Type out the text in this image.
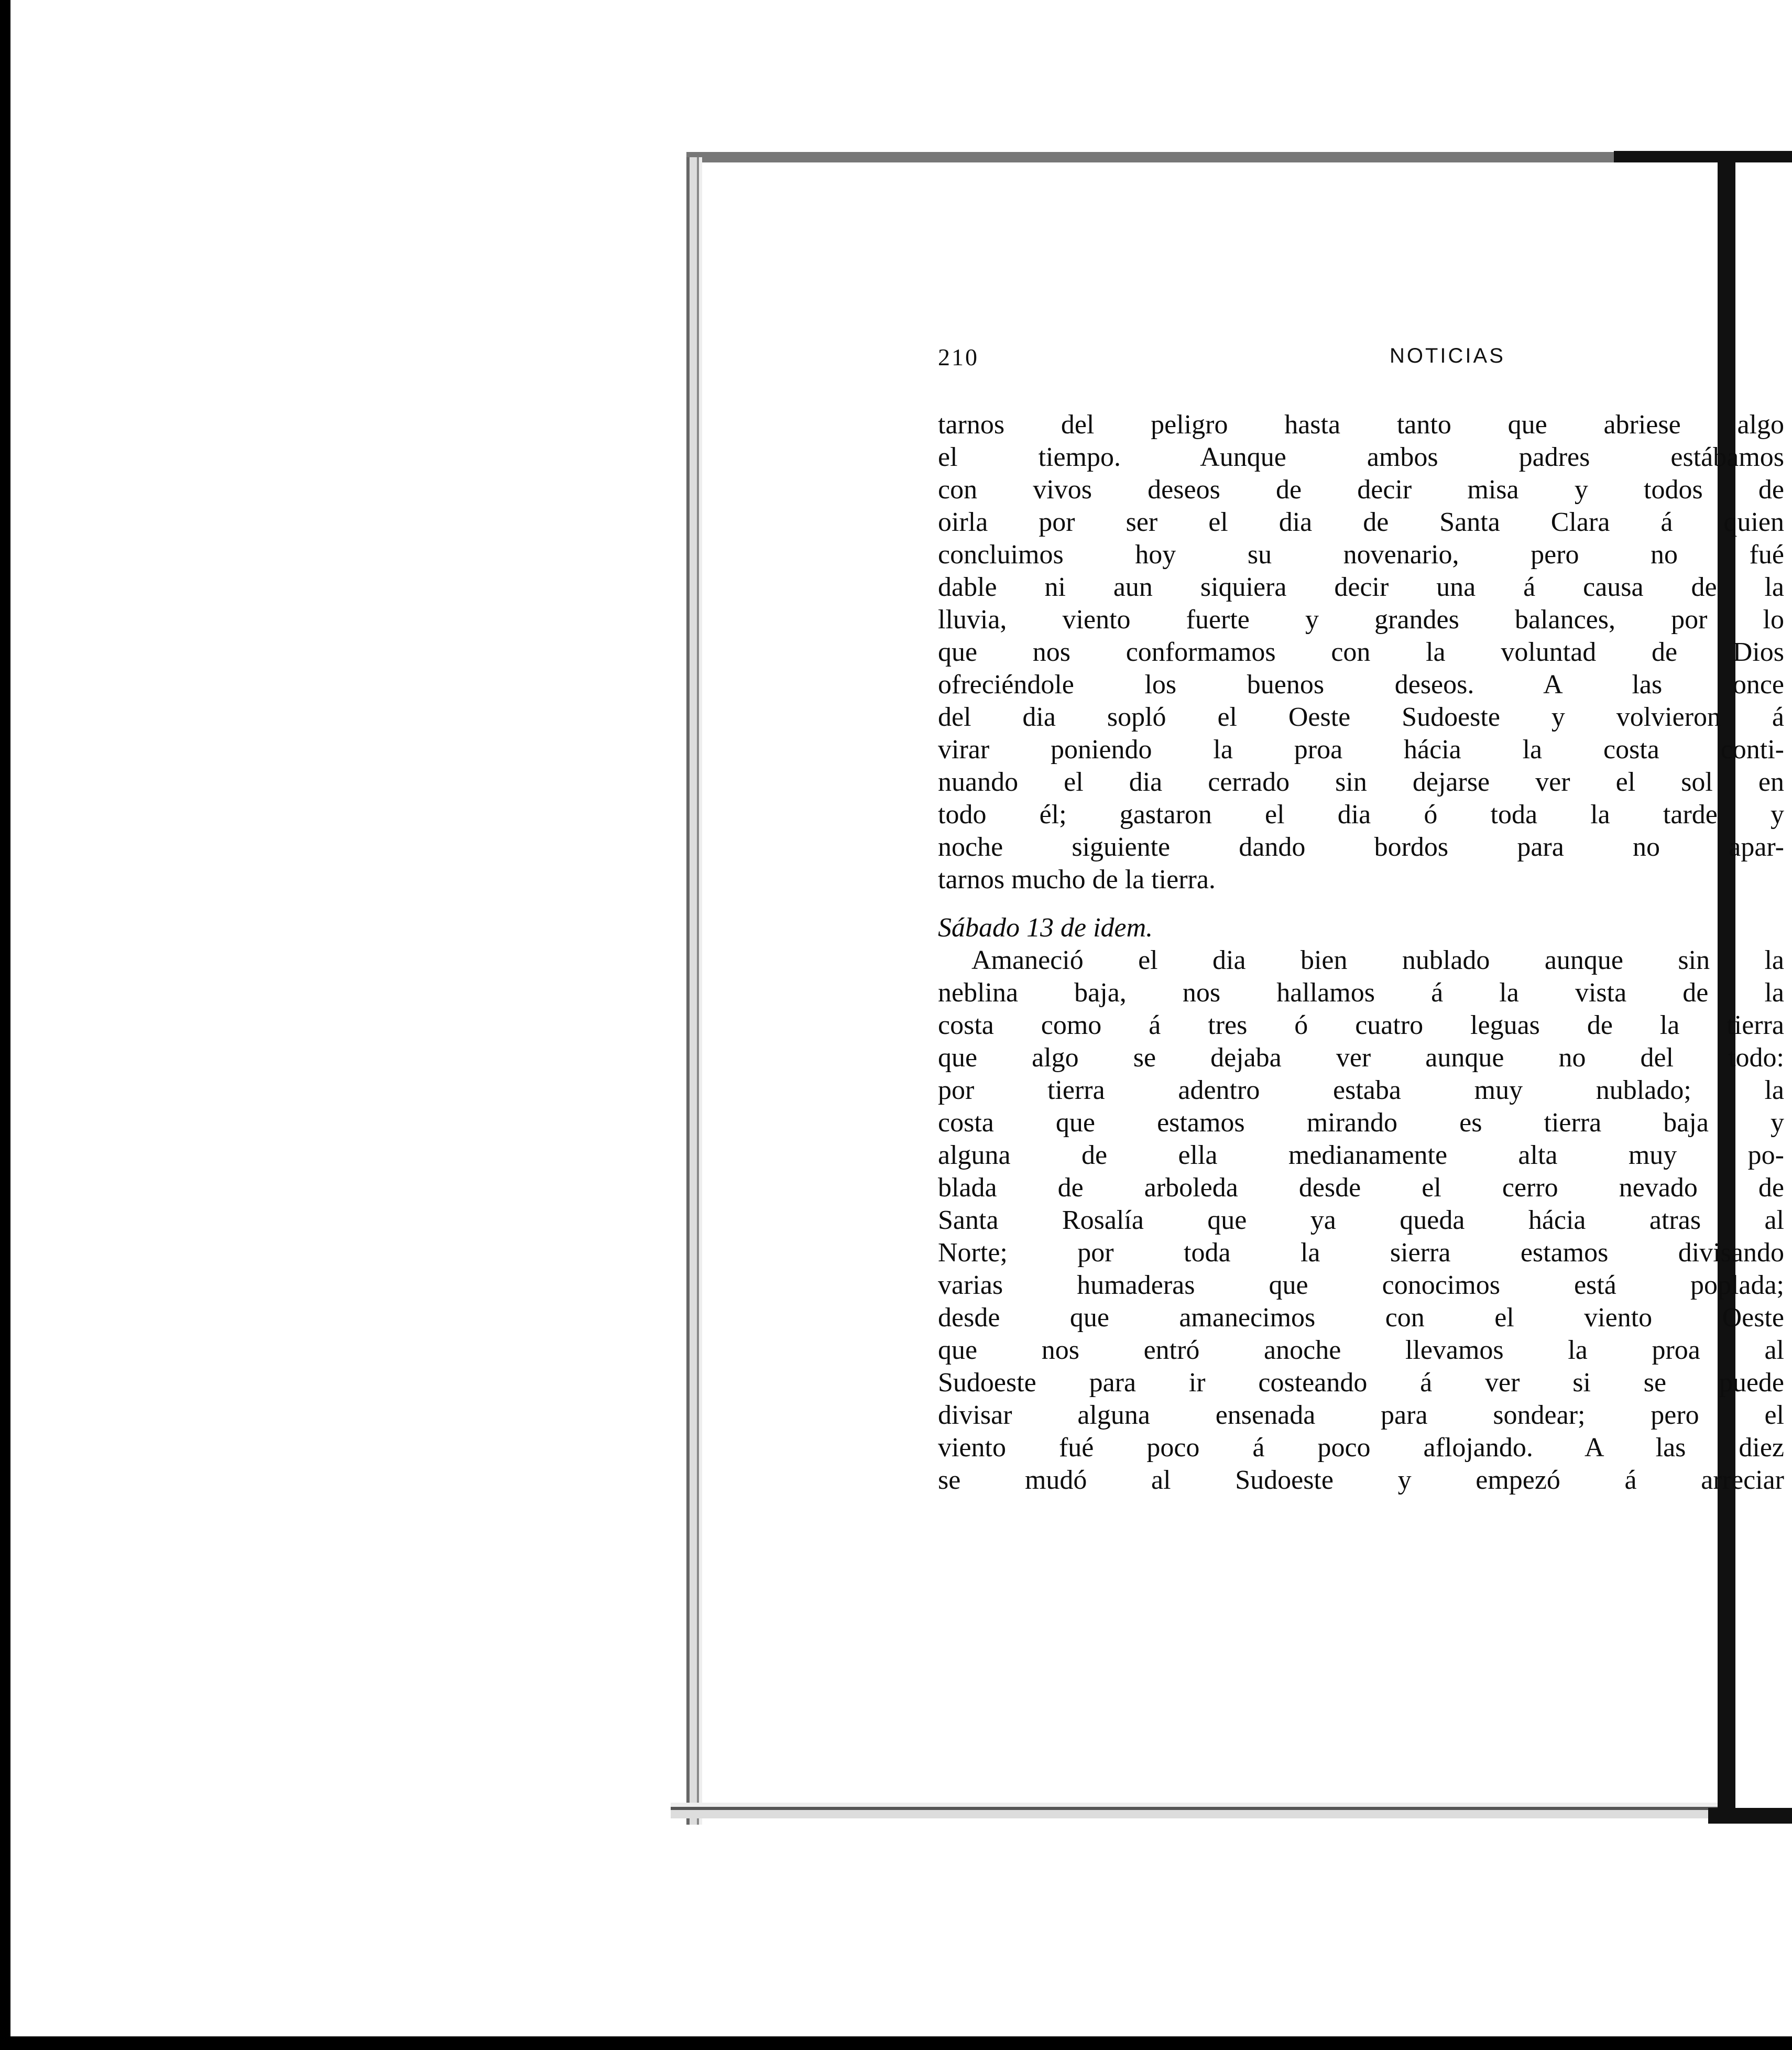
210	NOTICIAS
tarnos del peligro hasta tanto que abriese algo
el tiempo. Aunque ambos padres estábamos
con vivos deseos de decir misa y todos de
oirla por ser el dia de Santa Clara á quien
concluimos hoy su novenario, pero no fué
dable ni aun siquiera decir una á causa de la
lluvia, viento fuerte y grandes balances, por lo
que nos conformamos con la voluntad de Dios
ofreciéndole los buenos deseos. A las once
del dia sopló el Oeste Sudoeste y volvieron á
virar poniendo la proa hácia la costa conti-
nuando el dia cerrado sin dejarse ver el sol en
todo él; gastaron el dia ó toda la tarde y
noche siguiente dando bordos para no apar-
tarnos mucho de la tierra.
Sábado 13 de idem.
Amaneció el dia bien nublado aunque sin la
neblina baja, nos hallamos á la vista de la
costa como á tres ó cuatro leguas de la tierra
que algo se dejaba ver aunque no del todo:
por tierra adentro estaba muy nublado; la
costa que estamos mirando es tierra baja y
alguna de ella medianamente alta muy po-
blada de arboleda desde el cerro nevado de
Santa Rosalía que ya queda hácia atras al
Norte; por toda la sierra estamos divisando
varias humaderas que conocimos está poplada;
desde que amanecimos con el viento Oeste
que nos entró anoche llevamos la proa al
Sudoeste para ir costeando á ver si se puede
divisar alguna ensenada para sondear; pero el
viento fué poco á poco aflojando. A las diez
se mudó al Sudoeste y empezó á arreciar
